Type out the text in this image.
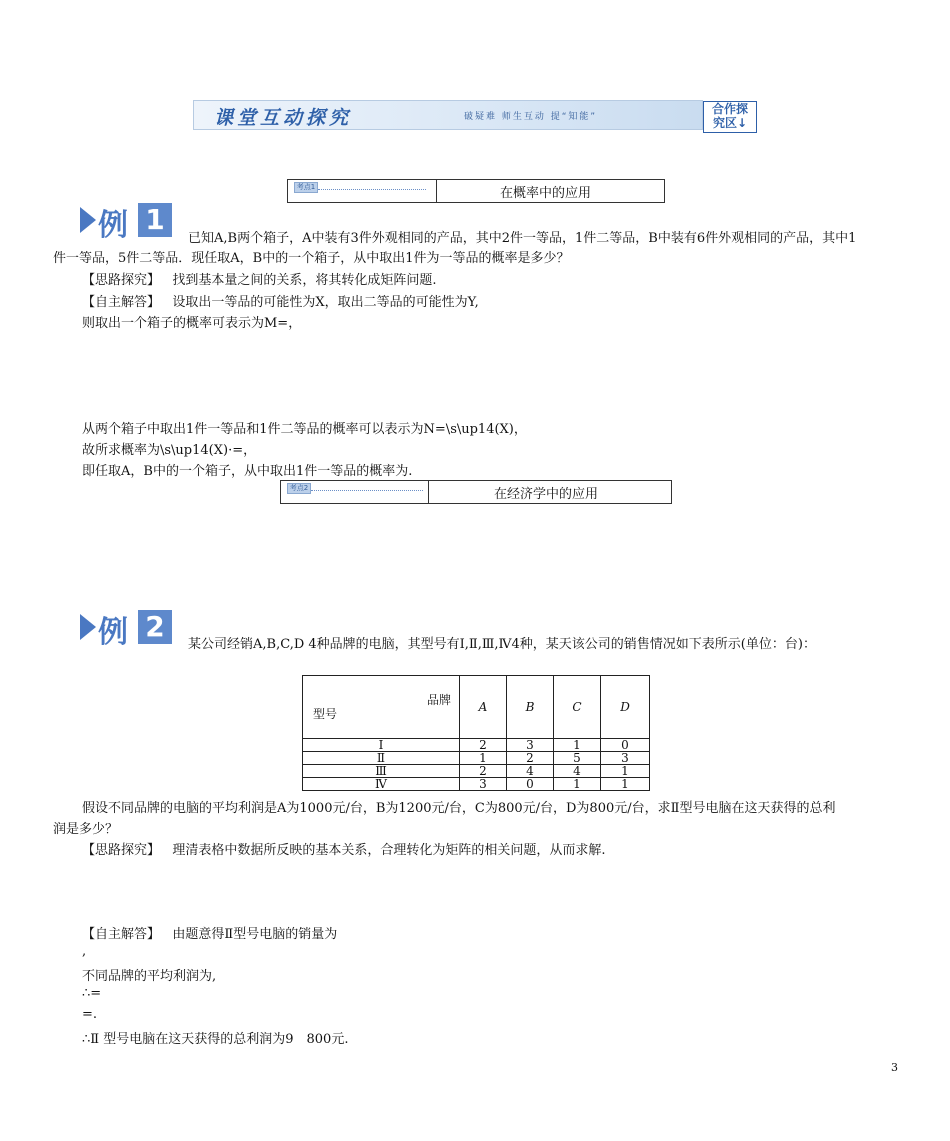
课堂互动探究	破疑难 师生互动 提“知能”
合作探
究区↓
考点1	在概率中的应用
例 1
已知A,B两个箱子，A中装有3件外观相同的产品，其中2件一等品，1件二等品，B中装有6件外观相同的产品，其中1
件一等品，5件二等品．现任取A，B中的一个箱子，从中取出1件为一等品的概率是多少？
【思路探究】 找到基本量之间的关系，将其转化成矩阵问题.
【自主解答】 设取出一等品的可能性为X，取出二等品的可能性为Y,
则取出一个箱子的概率可表示为M=，
从两个箱子中取出1件一等品和1件二等品的概率可以表示为N=\s\up14(X)，
故所求概率为\s\up14(X)·=，
即任取A，B中的一个箱子，从中取出1件一等品的概率为.
考点2	在经济学中的应用
例 2
某公司经销A,B,C,D 4种品牌的电脑，其型号有Ⅰ,Ⅱ,Ⅲ,Ⅳ4种，某天该公司的销售情况如下表所示(单位：台)：
品牌
型号	A	B	C	D
Ⅰ	2	3	1	0
Ⅱ	1	2	5	3
Ⅲ	2	4	4	1
Ⅳ	3	0	1	1
假设不同品牌的电脑的平均利润是A为1000元/台，B为1200元/台，C为800元/台，D为800元/台，求Ⅱ型号电脑在这天获得的总利
润是多少？
【思路探究】 理清表格中数据所反映的基本关系，合理转化为矩阵的相关问题，从而求解.
【自主解答】 由题意得Ⅱ型号电脑的销量为
,
不同品牌的平均利润为,
∴=
=.
∴Ⅱ 型号电脑在这天获得的总利润为9　800元.
3
